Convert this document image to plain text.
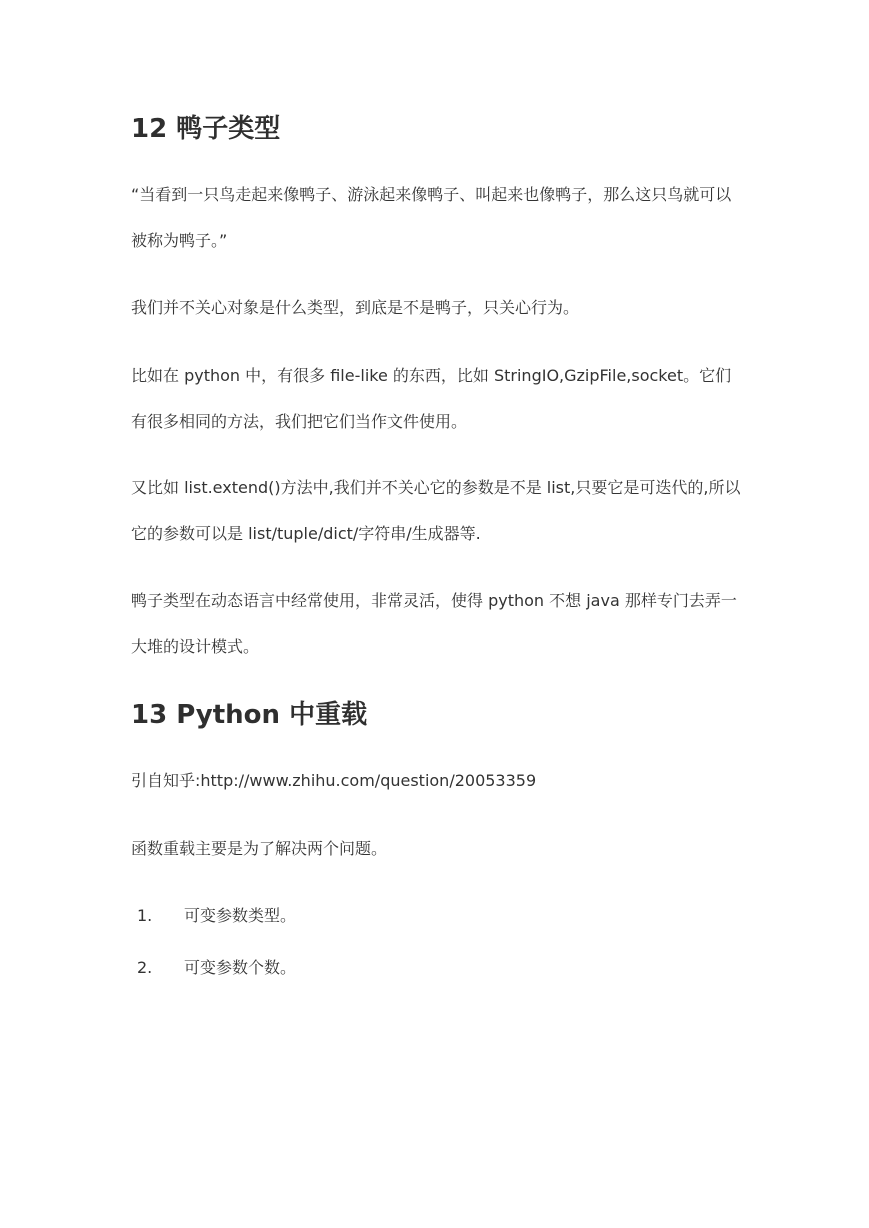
12 鸭子类型

“当看到一只鸟走起来像鸭子、游泳起来像鸭子、叫起来也像鸭子，那么这只鸟就可以被称为鸭子。”

我们并不关心对象是什么类型，到底是不是鸭子，只关心行为。

比如在 python 中，有很多 file-like 的东西，比如 StringIO,GzipFile,socket。它们有很多相同的方法，我们把它们当作文件使用。

又比如 list.extend()方法中,我们并不关心它的参数是不是 list,只要它是可迭代的,所以它的参数可以是 list/tuple/dict/字符串/生成器等.

鸭子类型在动态语言中经常使用，非常灵活，使得 python 不想 java 那样专门去弄一大堆的设计模式。

13 Python 中重载

引自知乎:http://www.zhihu.com/question/20053359

函数重载主要是为了解决两个问题。

1. 可变参数类型。
2. 可变参数个数。
